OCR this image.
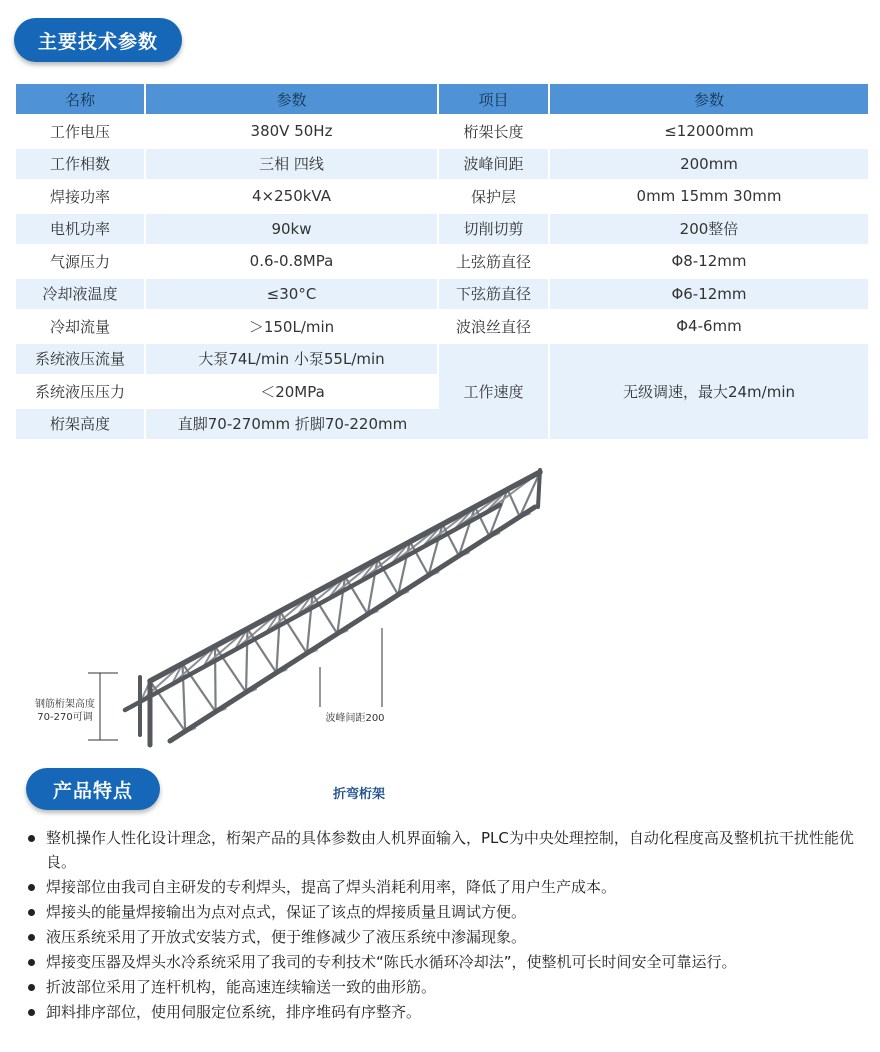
主要技术参数
名称	参数	项目	参数
工作电压	380V 50Hz	桁架长度	≤12000mm
工作相数	三相 四线	波峰间距	200mm
焊接功率	4×250kVA	保护层	0mm 15mm 30mm
电机功率	90kw	切削切剪	200整倍
气源压力	0.6-0.8MPa	上弦筋直径	Φ8-12mm
冷却液温度	≤30°C	下弦筋直径	Φ6-12mm
冷却流量	＞150L/min	波浪丝直径	Φ4-6mm
系统液压流量	大泵74L/min 小泵55L/min	工作速度	无级调速，最大24m/min
系统液压压力	＜20MPa		
桁架高度	直脚70-270mm 折脚70-220mm		
钢筋桁架高度
70-270可调	波峰间距200
产品特点	折弯桁架
整机操作人性化设计理念，桁架产品的具体参数由人机界面输入，PLC为中央处理控制，自动化程度高及整机抗干扰性能优良。
焊接部位由我司自主研发的专利焊头，提高了焊头消耗利用率，降低了用户生产成本。
焊接头的能量焊接输出为点对点式，保证了该点的焊接质量且调试方便。
液压系统采用了开放式安装方式，便于维修减少了液压系统中渗漏现象。
焊接变压器及焊头水冷系统采用了我司的专利技术“陈氏水循环冷却法”，使整机可长时间安全可靠运行。
折波部位采用了连杆机构，能高速连续输送一致的曲形筋。
卸料排序部位，使用伺服定位系统，排序堆码有序整齐。
